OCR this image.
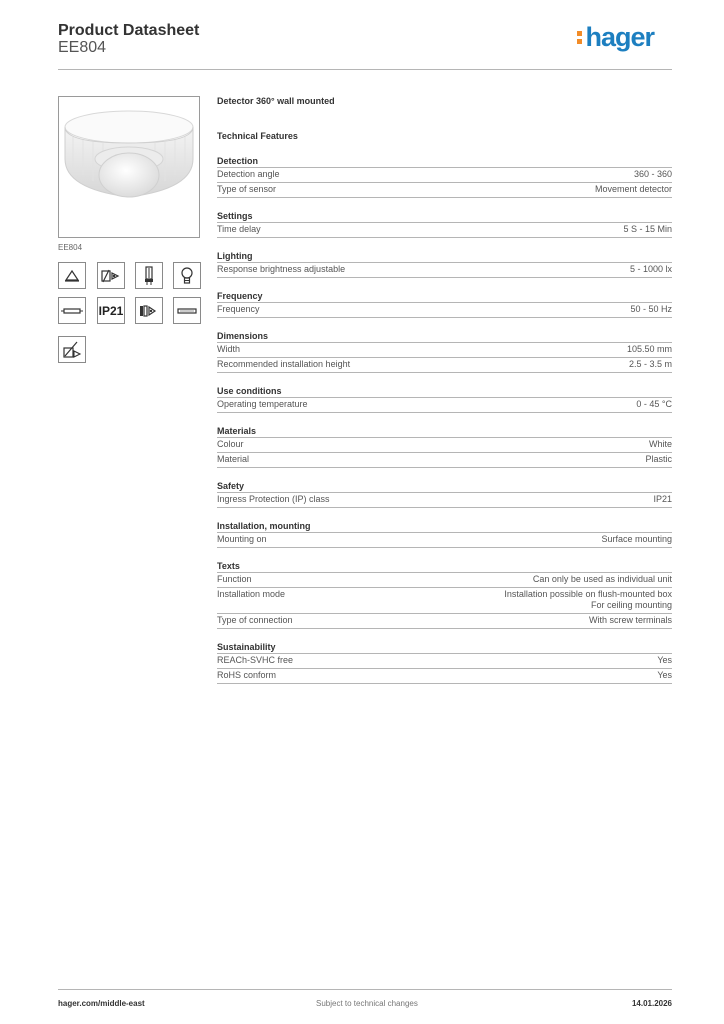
Product Datasheet
EE804	hager
EE804
IP21
Detector 360° wall mounted
Technical Features
Detection
Detection angle	360 - 360
Type of sensor	Movement detector
Settings
Time delay	5 S - 15 Min
Lighting
Response brightness adjustable	5 - 1000 lx
Frequency
Frequency	50 - 50 Hz
Dimensions
Width	105.50 mm
Recommended installation height	2.5 - 3.5 m
Use conditions
Operating temperature	0 - 45 °C
Materials
Colour	White
Material	Plastic
Safety
Ingress Protection (IP) class	IP21
Installation, mounting
Mounting on	Surface mounting
Texts
Function	Can only be used as individual unit
Installation mode	Installation possible on flush-mounted box
For ceiling mounting
Type of connection	With screw terminals
Sustainability
REACh-SVHC free	Yes
RoHS conform	Yes
hager.com/middle-east	Subject to technical changes	14.01.2026
